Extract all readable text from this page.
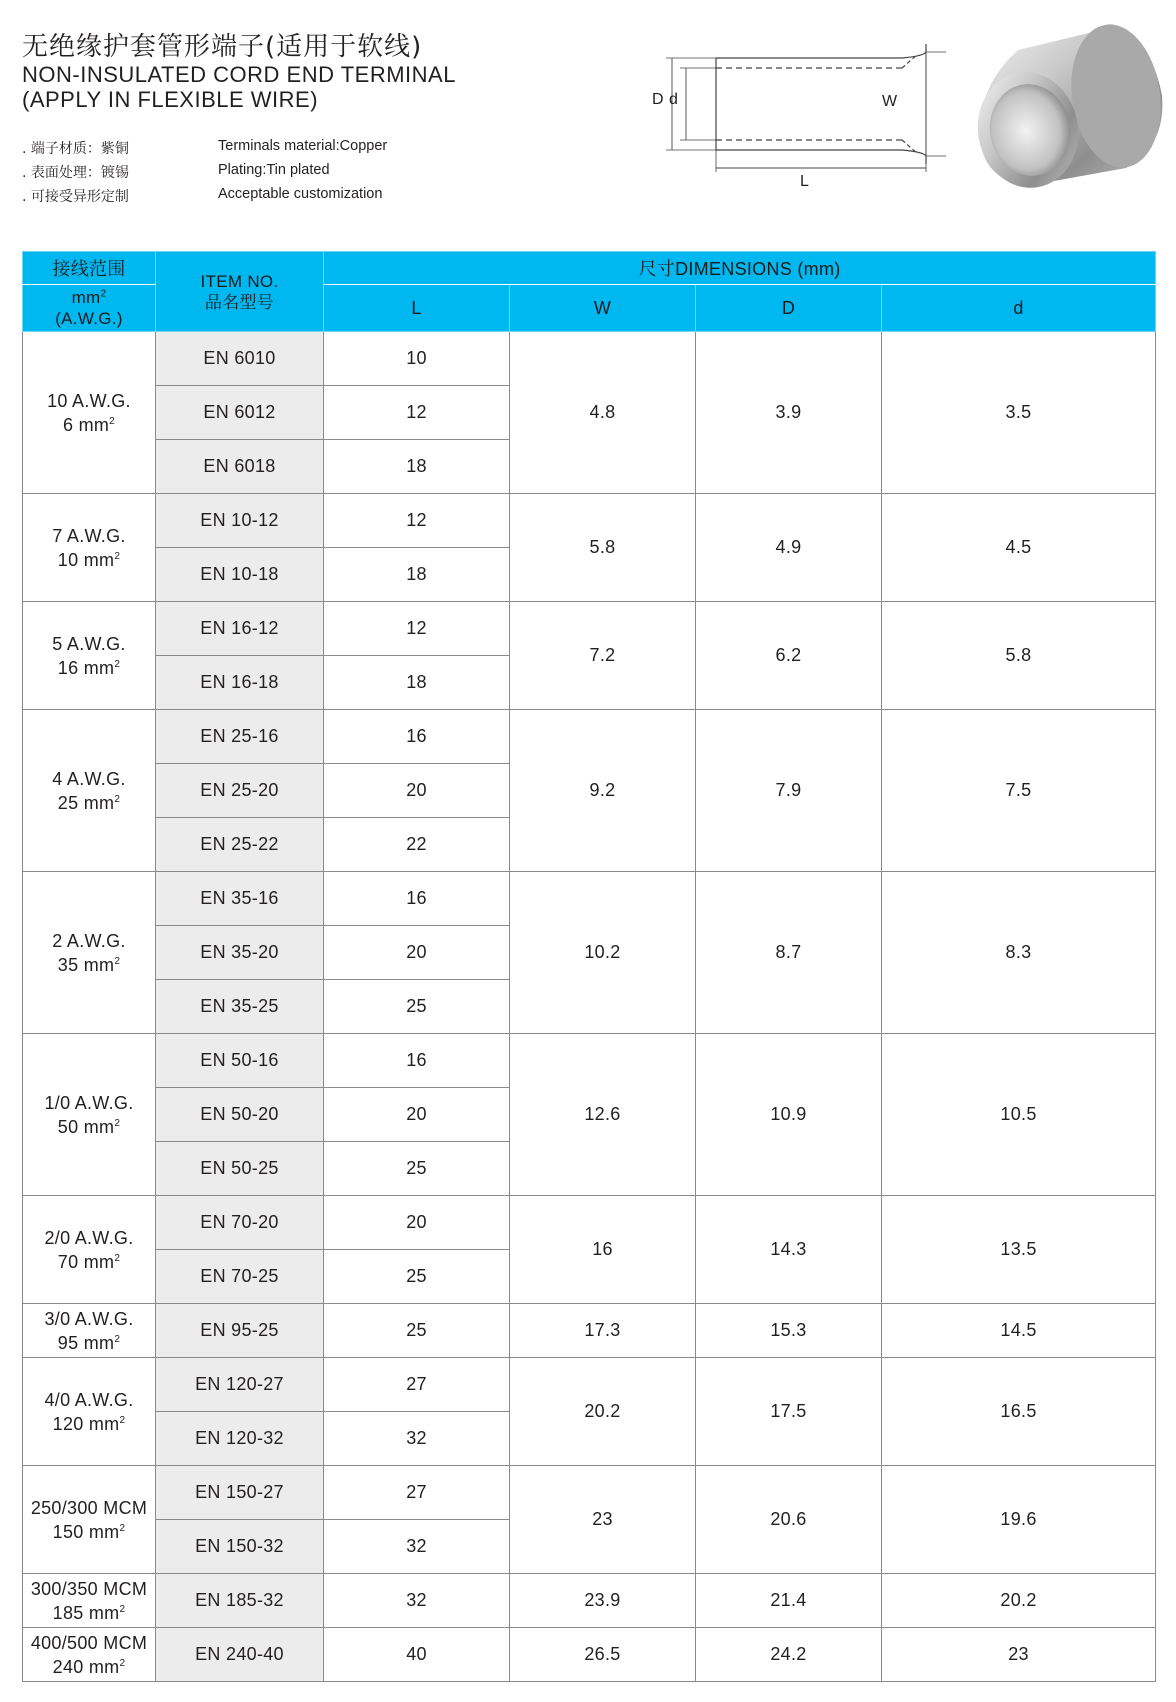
无绝缘护套管形端子(适用于软线)
NON-INSULATED CORD END TERMINAL
(APPLY IN FLEXIBLE WIRE)
. 端子材质：紫铜	Terminals material:Copper
. 表面处理：镀锡	Plating:Tin plated
. 可接受异形定制	Acceptable customization
D d	W
L
接线范围	ITEM NO.
品名型号	尺寸DIMENSIONS (mm)			
$mm^2$
(A.W.G.)		L	W	D	d
10 A.W.G.
6 $mm^2$	EN 6010	10	4.8	3.9	3.5
	EN 6012	12			
	EN 6018	18			
7 A.W.G.
10 $mm^2$	EN 10-12	12	5.8	4.9	4.5
	EN 10-18	18			
5 A.W.G.
16 $mm^2$	EN 16-12	12	7.2	6.2	5.8
	EN 16-18	18			
4 A.W.G.
25 $mm^2$	EN 25-16	16	9.2	7.9	7.5
	EN 25-20	20			
	EN 25-22	22			
2 A.W.G.
35 $mm^2$	EN 35-16	16	10.2	8.7	8.3
	EN 35-20	20			
	EN 35-25	25			
1/0 A.W.G.
50 $mm^2$	EN 50-16	16	12.6	10.9	10.5
	EN 50-20	20			
	EN 50-25	25			
2/0 A.W.G.
70 $mm^2$	EN 70-20	20	16	14.3	13.5
	EN 70-25	25			
3/0 A.W.G.
95 $mm^2$	EN 95-25	25	17.3	15.3	14.5
4/0 A.W.G.
120 $mm^2$	EN 120-27	27	20.2	17.5	16.5
	EN 120-32	32			
250/300 MCM
150 $mm^2$	EN 150-27	27	23	20.6	19.6
	EN 150-32	32			
300/350 MCM
185 $mm^2$	EN 185-32	32	23.9	21.4	20.2
400/500 MCM
240 $mm^2$	EN 240-40	40	26.5	24.2	23
